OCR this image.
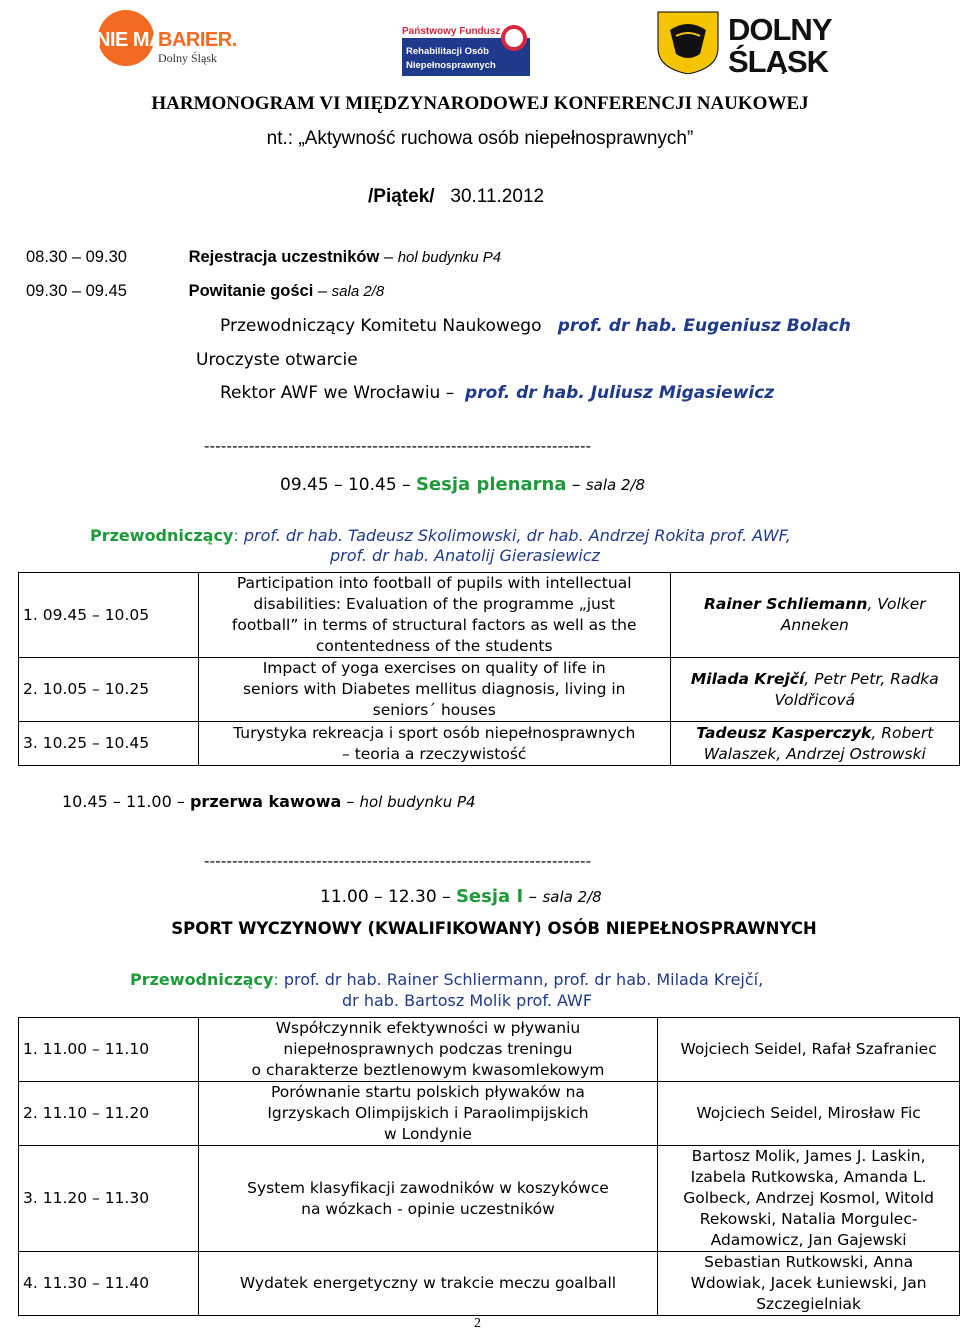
NIE MA
BARIER.
Dolny Śląsk
Państwowy Fundusz
Rehabilitacji Osób
Niepełnosprawnych
DOLNY
ŚLĄSK
HARMONOGRAM VI MIĘDZYNARODOWEJ KONFERENCJI NAUKOWEJ
nt.: „Aktywność ruchowa osób niepełnosprawnych”
/Piątek/ 30.11.2012
08.30 – 09.30	Rejestracja uczestników – hol budynku P4
09.30 – 09.45	Powitanie gości – sala 2/8
Przewodniczący Komitetu Naukowego prof. dr hab. Eugeniusz Bolach
Uroczyste otwarcie
Rektor AWF we Wrocławiu –  prof. dr hab. Juliusz Migasiewicz
---------------------------------------------------------------------
09.45 – 10.45 – Sesja plenarna – sala 2/8
Przewodniczący: prof. dr hab. Tadeusz Skolimowski, dr hab. Andrzej Rokita prof. AWF,
prof. dr hab. Anatolij Gierasiewicz
1. 09.45 – 10.05	Participation into football of pupils with intellectual
disabilities: Evaluation of the programme „just
football” in terms of structural factors as well as the
contentedness of the students	Rainer Schliemann, Volker Anneken
2. 10.05 – 10.25	Impact of yoga exercises on quality of life in
seniors with Diabetes mellitus diagnosis, living in
seniors´ houses	Milada Krejčí, Petr Petr, Radka Voldřicová
3. 10.25 – 10.45	Turystyka rekreacja i sport osób niepełnosprawnych
– teoria a rzeczywistość	Tadeusz Kasperczyk, Robert Walaszek, Andrzej Ostrowski
10.45 – 11.00 – przerwa kawowa – hol budynku P4
---------------------------------------------------------------------
11.00 – 12.30 – Sesja I – sala 2/8
SPORT WYCZYNOWY (KWALIFIKOWANY) OSÓB NIEPEŁNOSPRAWNYCH
Przewodniczący: prof. dr hab. Rainer Schliermann, prof. dr hab. Milada Krejčí,
dr hab. Bartosz Molik prof. AWF
1. 11.00 – 11.10	Współczynnik efektywności w pływaniu
niepełnosprawnych podczas treningu
o charakterze beztlenowym kwasomlekowym	Wojciech Seidel, Rafał Szafraniec

2. 11.10 – 11.20	Porównanie startu polskich pływaków na
Igrzyskach Olimpijskich i Paraolimpijskich
w Londynie	Wojciech Seidel, Mirosław Fic

3. 11.20 – 11.30	System klasyfikacji zawodników w koszykówce
na wózkach - opinie uczestników	Bartosz Molik, James J. Laskin,
Izabela Rutkowska, Amanda L.
Golbeck, Andrzej Kosmol, Witold
Rekowski, Natalia Morgulec-
Adamowicz, Jan Gajewski

4. 11.30 – 11.40	Wydatek energetyczny w trakcie meczu goalball	Sebastian Rutkowski, Anna
Wdowiak, Jacek Łuniewski, Jan
Szczegielniak
2
